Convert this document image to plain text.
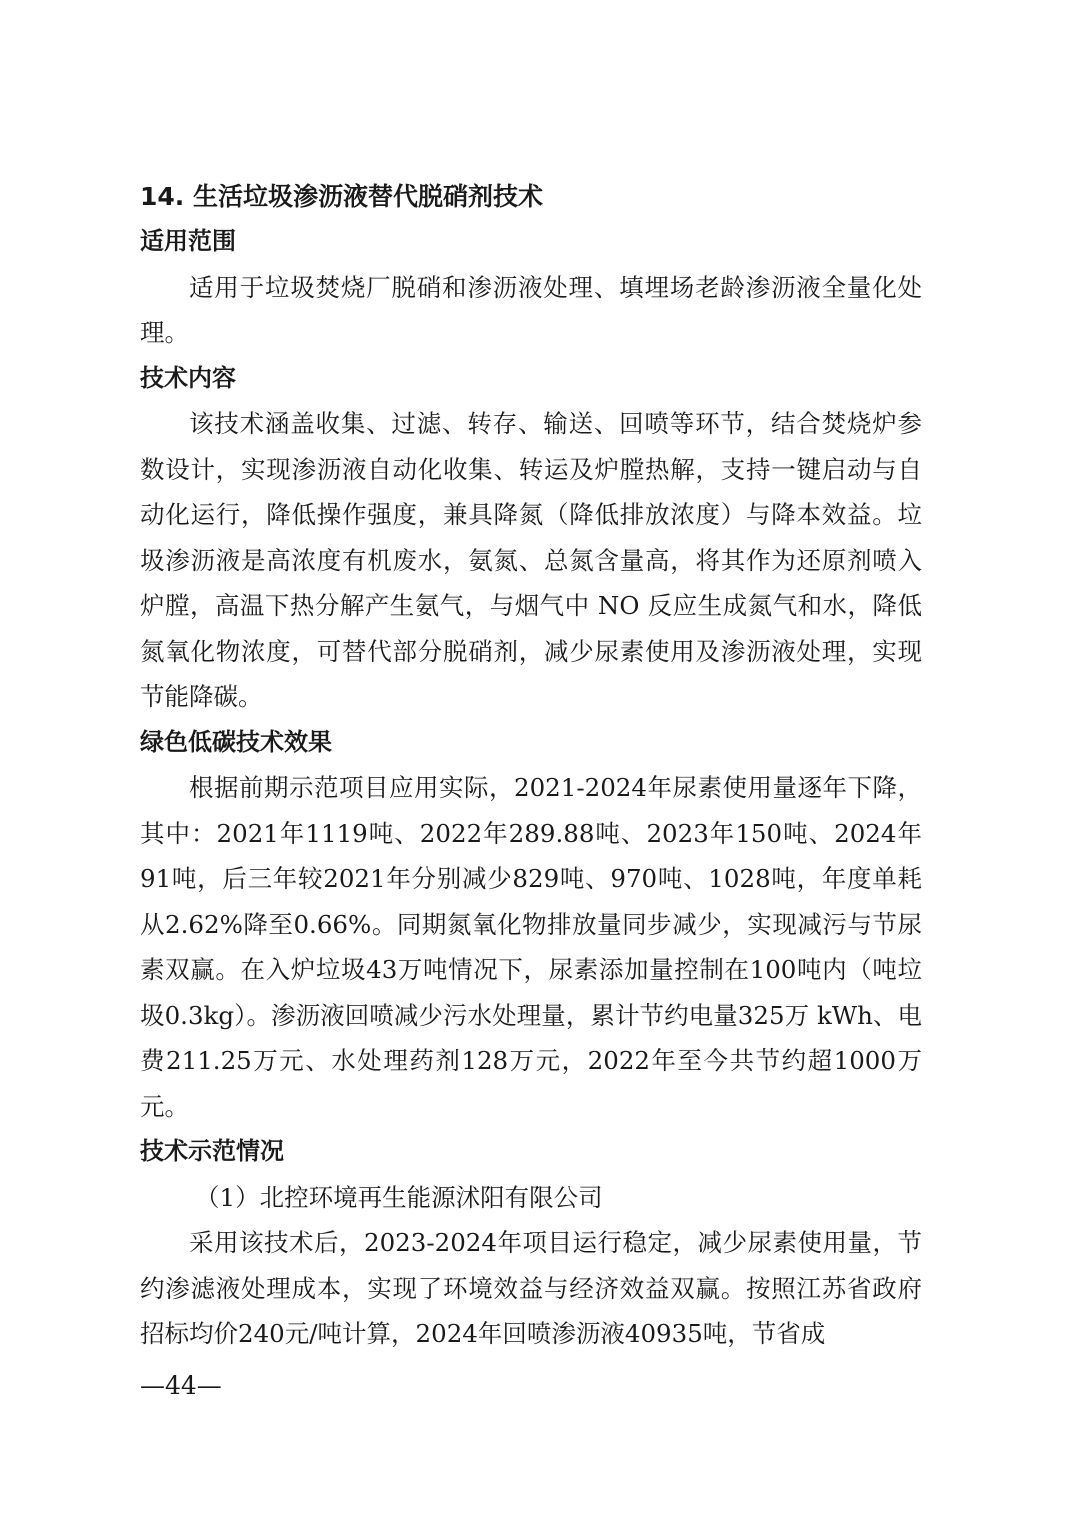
14. 生活垃圾渗沥液替代脱硝剂技术
适用范围

适用于垃圾焚烧厂脱硝和渗沥液处理、填埋场老龄渗沥液全量化处理。

技术内容

该技术涵盖收集、过滤、转存、输送、回喷等环节，结合焚烧炉参数设计，实现渗沥液自动化收集、转运及炉膛热解，支持一键启动与自动化运行，降低操作强度，兼具降氮（降低排放浓度）与降本效益。垃圾渗沥液是高浓度有机废水，氨氮、总氮含量高，将其作为还原剂喷入炉膛，高温下热分解产生氨气，与烟气中 NO 反应生成氮气和水，降低氮氧化物浓度，可替代部分脱硝剂，减少尿素使用及渗沥液处理，实现节能降碳。

绿色低碳技术效果

根据前期示范项目应用实际，2021-2024年尿素使用量逐年下降，其中：2021年1119吨、2022年289.88吨、2023年150吨、2024年91吨，后三年较2021年分别减少829吨、970吨、1028吨，年度单耗从2.62%降至0.66%。同期氮氧化物排放量同步减少，实现减污与节尿素双赢。在入炉垃圾43万吨情况下，尿素添加量控制在100吨内（吨垃圾0.3kg）。渗沥液回喷减少污水处理量，累计节约电量325万 kWh、电费211.25万元、水处理药剂128万元，2022年至今共节约超1000万元。

技术示范情况

（1）北控环境再生能源沭阳有限公司

采用该技术后，2023-2024年项目运行稳定，减少尿素使用量，节约渗滤液处理成本，实现了环境效益与经济效益双赢。按照江苏省政府招标均价240元/吨计算，2024年回喷渗沥液40935吨，节省成

—44—
